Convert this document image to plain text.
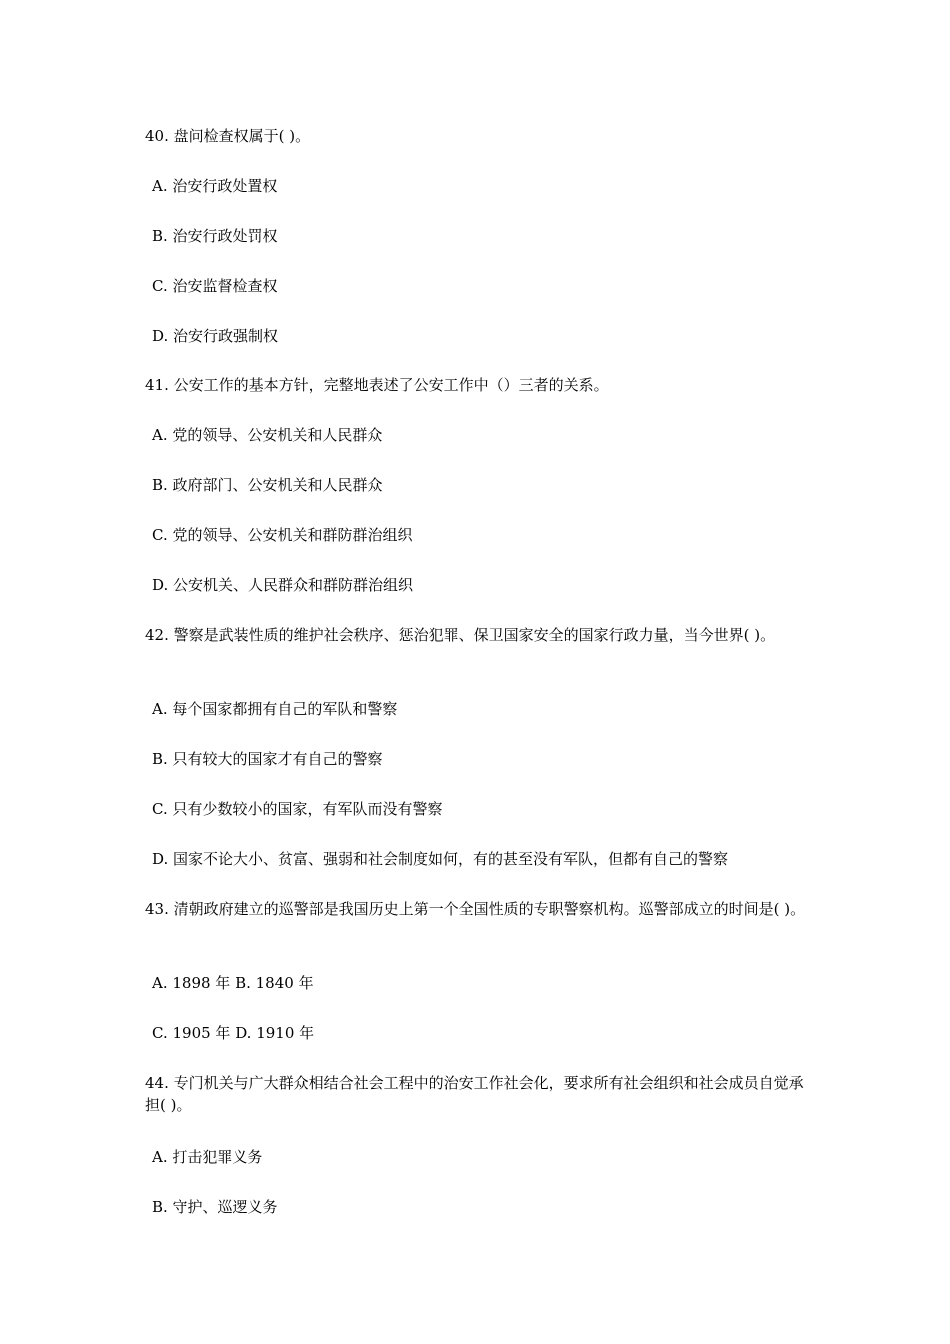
40. 盘问检查权属于( )。
A. 治安行政处置权
B. 治安行政处罚权
C. 治安监督检查权
D. 治安行政强制权
41. 公安工作的基本方针，完整地表述了公安工作中（）三者的关系。
A. 党的领导、公安机关和人民群众
B. 政府部门、公安机关和人民群众
C. 党的领导、公安机关和群防群治组织
D. 公安机关、人民群众和群防群治组织
42. 警察是武装性质的维护社会秩序、惩治犯罪、保卫国家安全的国家行政力量，当今世界( )。
A. 每个国家都拥有自己的军队和警察
B. 只有较大的国家才有自己的警察
C. 只有少数较小的国家，有军队而没有警察
D. 国家不论大小、贫富、强弱和社会制度如何，有的甚至没有军队，但都有自己的警察
43. 清朝政府建立的巡警部是我国历史上第一个全国性质的专职警察机构。巡警部成立的时间是( )。
A. 1898 年 B. 1840 年
C. 1905 年 D. 1910 年
44. 专门机关与广大群众相结合社会工程中的治安工作社会化，要求所有社会组织和社会成员自觉承担( )。
A. 打击犯罪义务
B. 守护、巡逻义务
